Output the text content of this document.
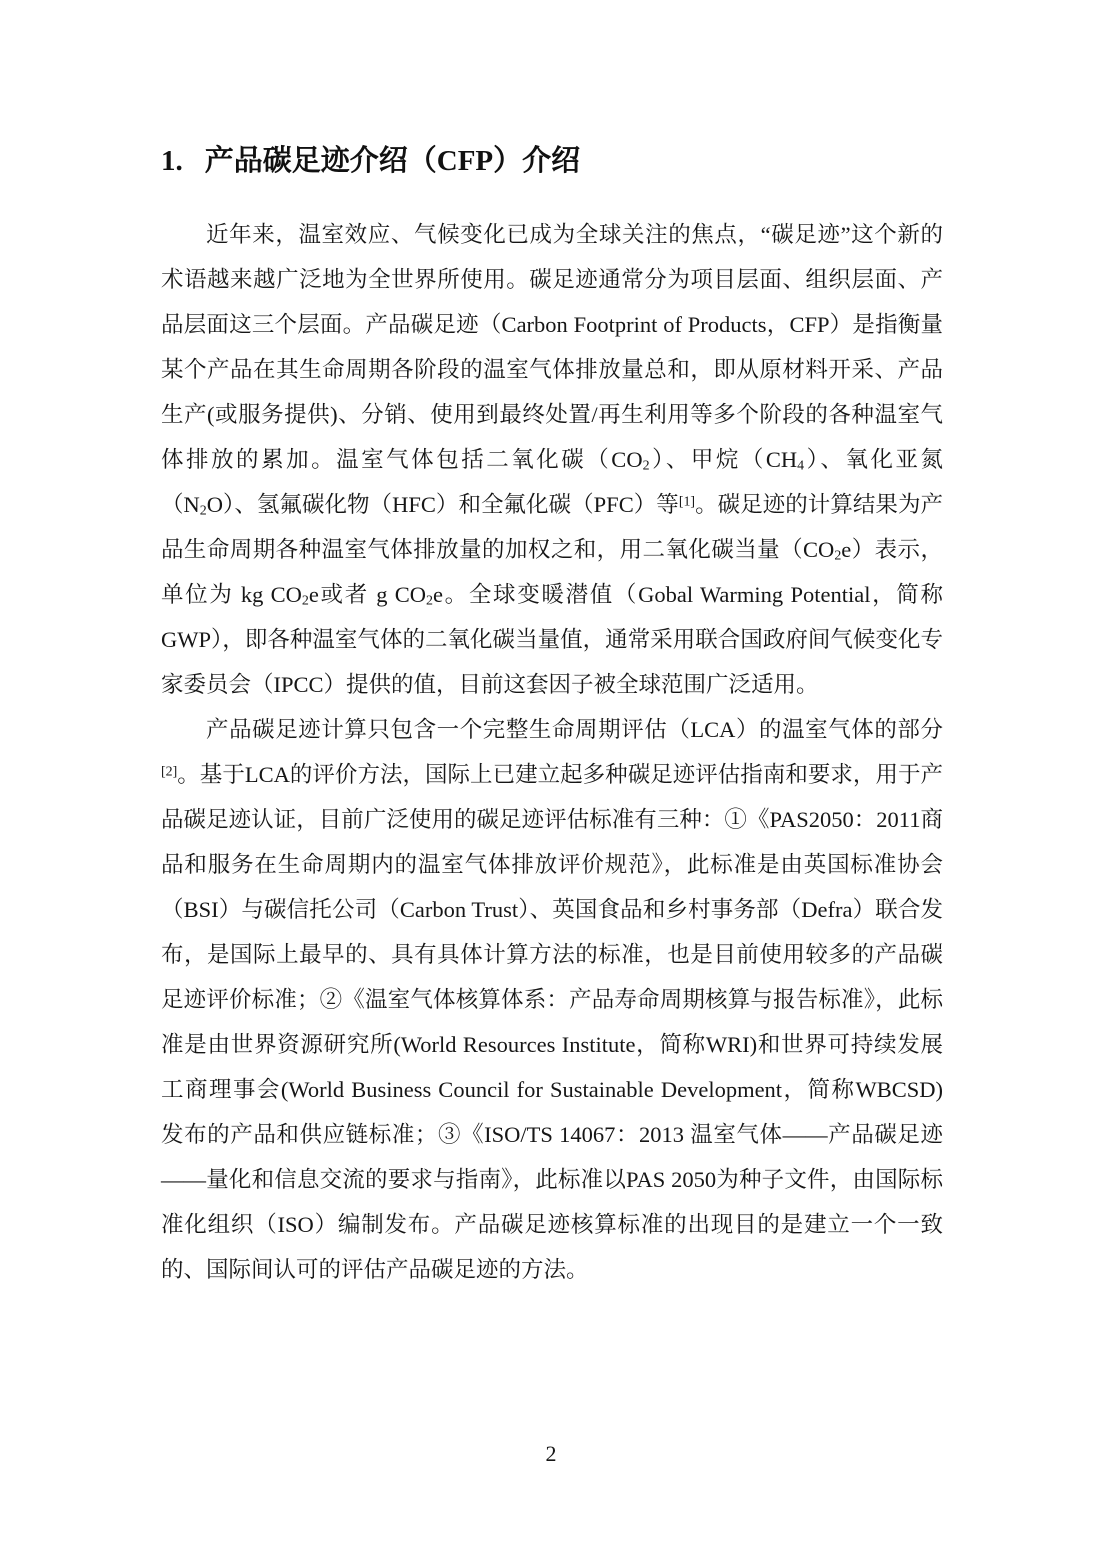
1. 产品碳足迹介绍（CFP）介绍

近年来，温室效应、气候变化已成为全球关注的焦点，“碳足迹”这个新的术语越来越广泛地为全世界所使用。碳足迹通常分为项目层面、组织层面、产品层面这三个层面。产品碳足迹（Carbon Footprint of Products，CFP）是指衡量某个产品在其生命周期各阶段的温室气体排放量总和，即从原材料开采、产品生产(或服务提供)、分销、使用到最终处置/再生利用等多个阶段的各种温室气体排放的累加。温室气体包括二氧化碳$(CO_2)$、甲烷$(CH_4)$、氧化亚氮$(N_2O)$、氢氟碳化物（HFC）和全氟化碳（PFC）等[1]。碳足迹的计算结果为产品生命周期各种温室气体排放量的加权之和，用二氧化碳当量$(CO_2e)$表示，单位为 kg $CO_2e$或者 g $CO_2e$。全球变暖潜值（Gobal Warming Potential，简称 GWP），即各种温室气体的二氧化碳当量值，通常采用联合国政府间气候变化专家委员会（IPCC）提供的值，目前这套因子被全球范围广泛适用。

产品碳足迹计算只包含一个完整生命周期评估（LCA）的温室气体的部分[2]。基于LCA的评价方法，国际上已建立起多种碳足迹评估指南和要求，用于产品碳足迹认证，目前广泛使用的碳足迹评估标准有三种：①《PAS2050：2011商品和服务在生命周期内的温室气体排放评价规范》，此标准是由英国标准协会（BSI）与碳信托公司（Carbon Trust）、英国食品和乡村事务部（Defra）联合发布，是国际上最早的、具有具体计算方法的标准，也是目前使用较多的产品碳足迹评价标准；②《温室气体核算体系：产品寿命周期核算与报告标准》，此标准是由世界资源研究所(World Resources Institute，简称WRI)和世界可持续发展工商理事会(World Business Council for Sustainable Development，简称WBCSD)发布的产品和供应链标准；③《ISO/TS 14067：2013 温室气体——产品碳足迹——量化和信息交流的要求与指南》，此标准以PAS 2050为种子文件，由国际标准化组织（ISO）编制发布。产品碳足迹核算标准的出现目的是建立一个一致的、国际间认可的评估产品碳足迹的方法。

2
